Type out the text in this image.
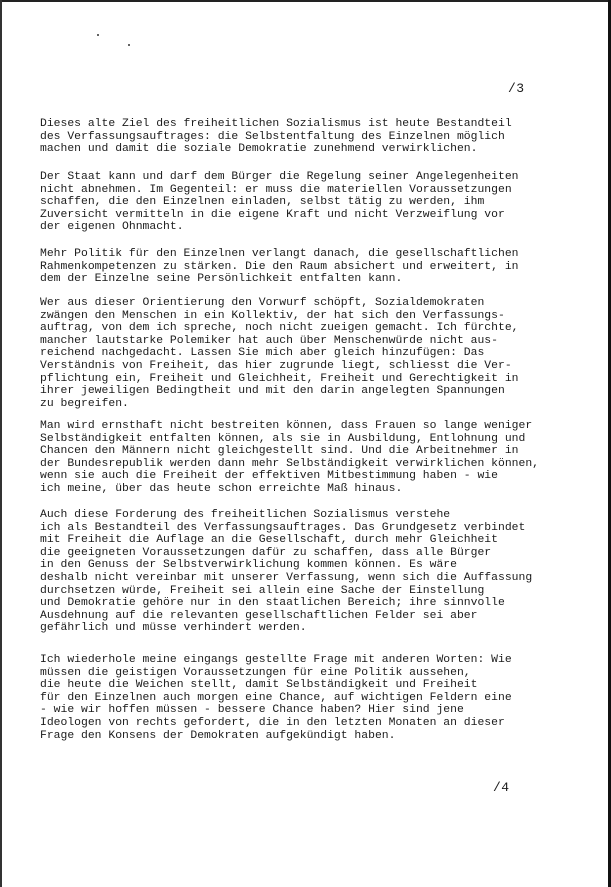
/3

Dieses alte Ziel des freiheitlichen Sozialismus ist heute Bestandteil
des Verfassungsauftrages: die Selbstentfaltung des Einzelnen möglich
machen und damit die soziale Demokratie zunehmend verwirklichen.

Der Staat kann und darf dem Bürger die Regelung seiner Angelegenheiten
nicht abnehmen. Im Gegenteil: er muss die materiellen Voraussetzungen
schaffen, die den Einzelnen einladen, selbst tätig zu werden, ihm
Zuversicht vermitteln in die eigene Kraft und nicht Verzweiflung vor
der eigenen Ohnmacht.

Mehr Politik für den Einzelnen verlangt danach, die gesellschaftlichen
Rahmenkompetenzen zu stärken. Die den Raum absichert und erweitert, in
dem der Einzelne seine Persönlichkeit entfalten kann.

Wer aus dieser Orientierung den Vorwurf schöpft, Sozialdemokraten
zwängen den Menschen in ein Kollektiv, der hat sich den Verfassungs-
auftrag, von dem ich spreche, noch nicht zueigen gemacht. Ich fürchte,
mancher lautstarke Polemiker hat auch über Menschenwürde nicht aus-
reichend nachgedacht. Lassen Sie mich aber gleich hinzufügen: Das
Verständnis von Freiheit, das hier zugrunde liegt, schliesst die Ver-
pflichtung ein, Freiheit und Gleichheit, Freiheit und Gerechtigkeit in
ihrer jeweiligen Bedingtheit und mit den darin angelegten Spannungen
zu begreifen.

Man wird ernsthaft nicht bestreiten können, dass Frauen so lange weniger
Selbständigkeit entfalten können, als sie in Ausbildung, Entlohnung und
Chancen den Männern nicht gleichgestellt sind. Und die Arbeitnehmer in
der Bundesrepublik werden dann mehr Selbständigkeit verwirklichen können,
wenn sie auch die Freiheit der effektiven Mitbestimmung haben - wie
ich meine, über das heute schon erreichte Maß hinaus.

Auch diese Forderung des freiheitlichen Sozialismus verstehe
ich als Bestandteil des Verfassungsauftrages. Das Grundgesetz verbindet
mit Freiheit die Auflage an die Gesellschaft, durch mehr Gleichheit
die geeigneten Voraussetzungen dafür zu schaffen, dass alle Bürger
in den Genuss der Selbstverwirklichung kommen können. Es wäre
deshalb nicht vereinbar mit unserer Verfassung, wenn sich die Auffassung
durchsetzen würde, Freiheit sei allein eine Sache der Einstellung
und Demokratie gehöre nur in den staatlichen Bereich; ihre sinnvolle
Ausdehnung auf die relevanten gesellschaftlichen Felder sei aber
gefährlich und müsse verhindert werden.

Ich wiederhole meine eingangs gestellte Frage mit anderen Worten: Wie
müssen die geistigen Voraussetzungen für eine Politik aussehen,
die heute die Weichen stellt, damit Selbständigkeit und Freiheit
für den Einzelnen auch morgen eine Chance, auf wichtigen Feldern eine
- wie wir hoffen müssen - bessere Chance haben? Hier sind jene
Ideologen von rechts gefordert, die in den letzten Monaten an dieser
Frage den Konsens der Demokraten aufgekündigt haben.

/4
